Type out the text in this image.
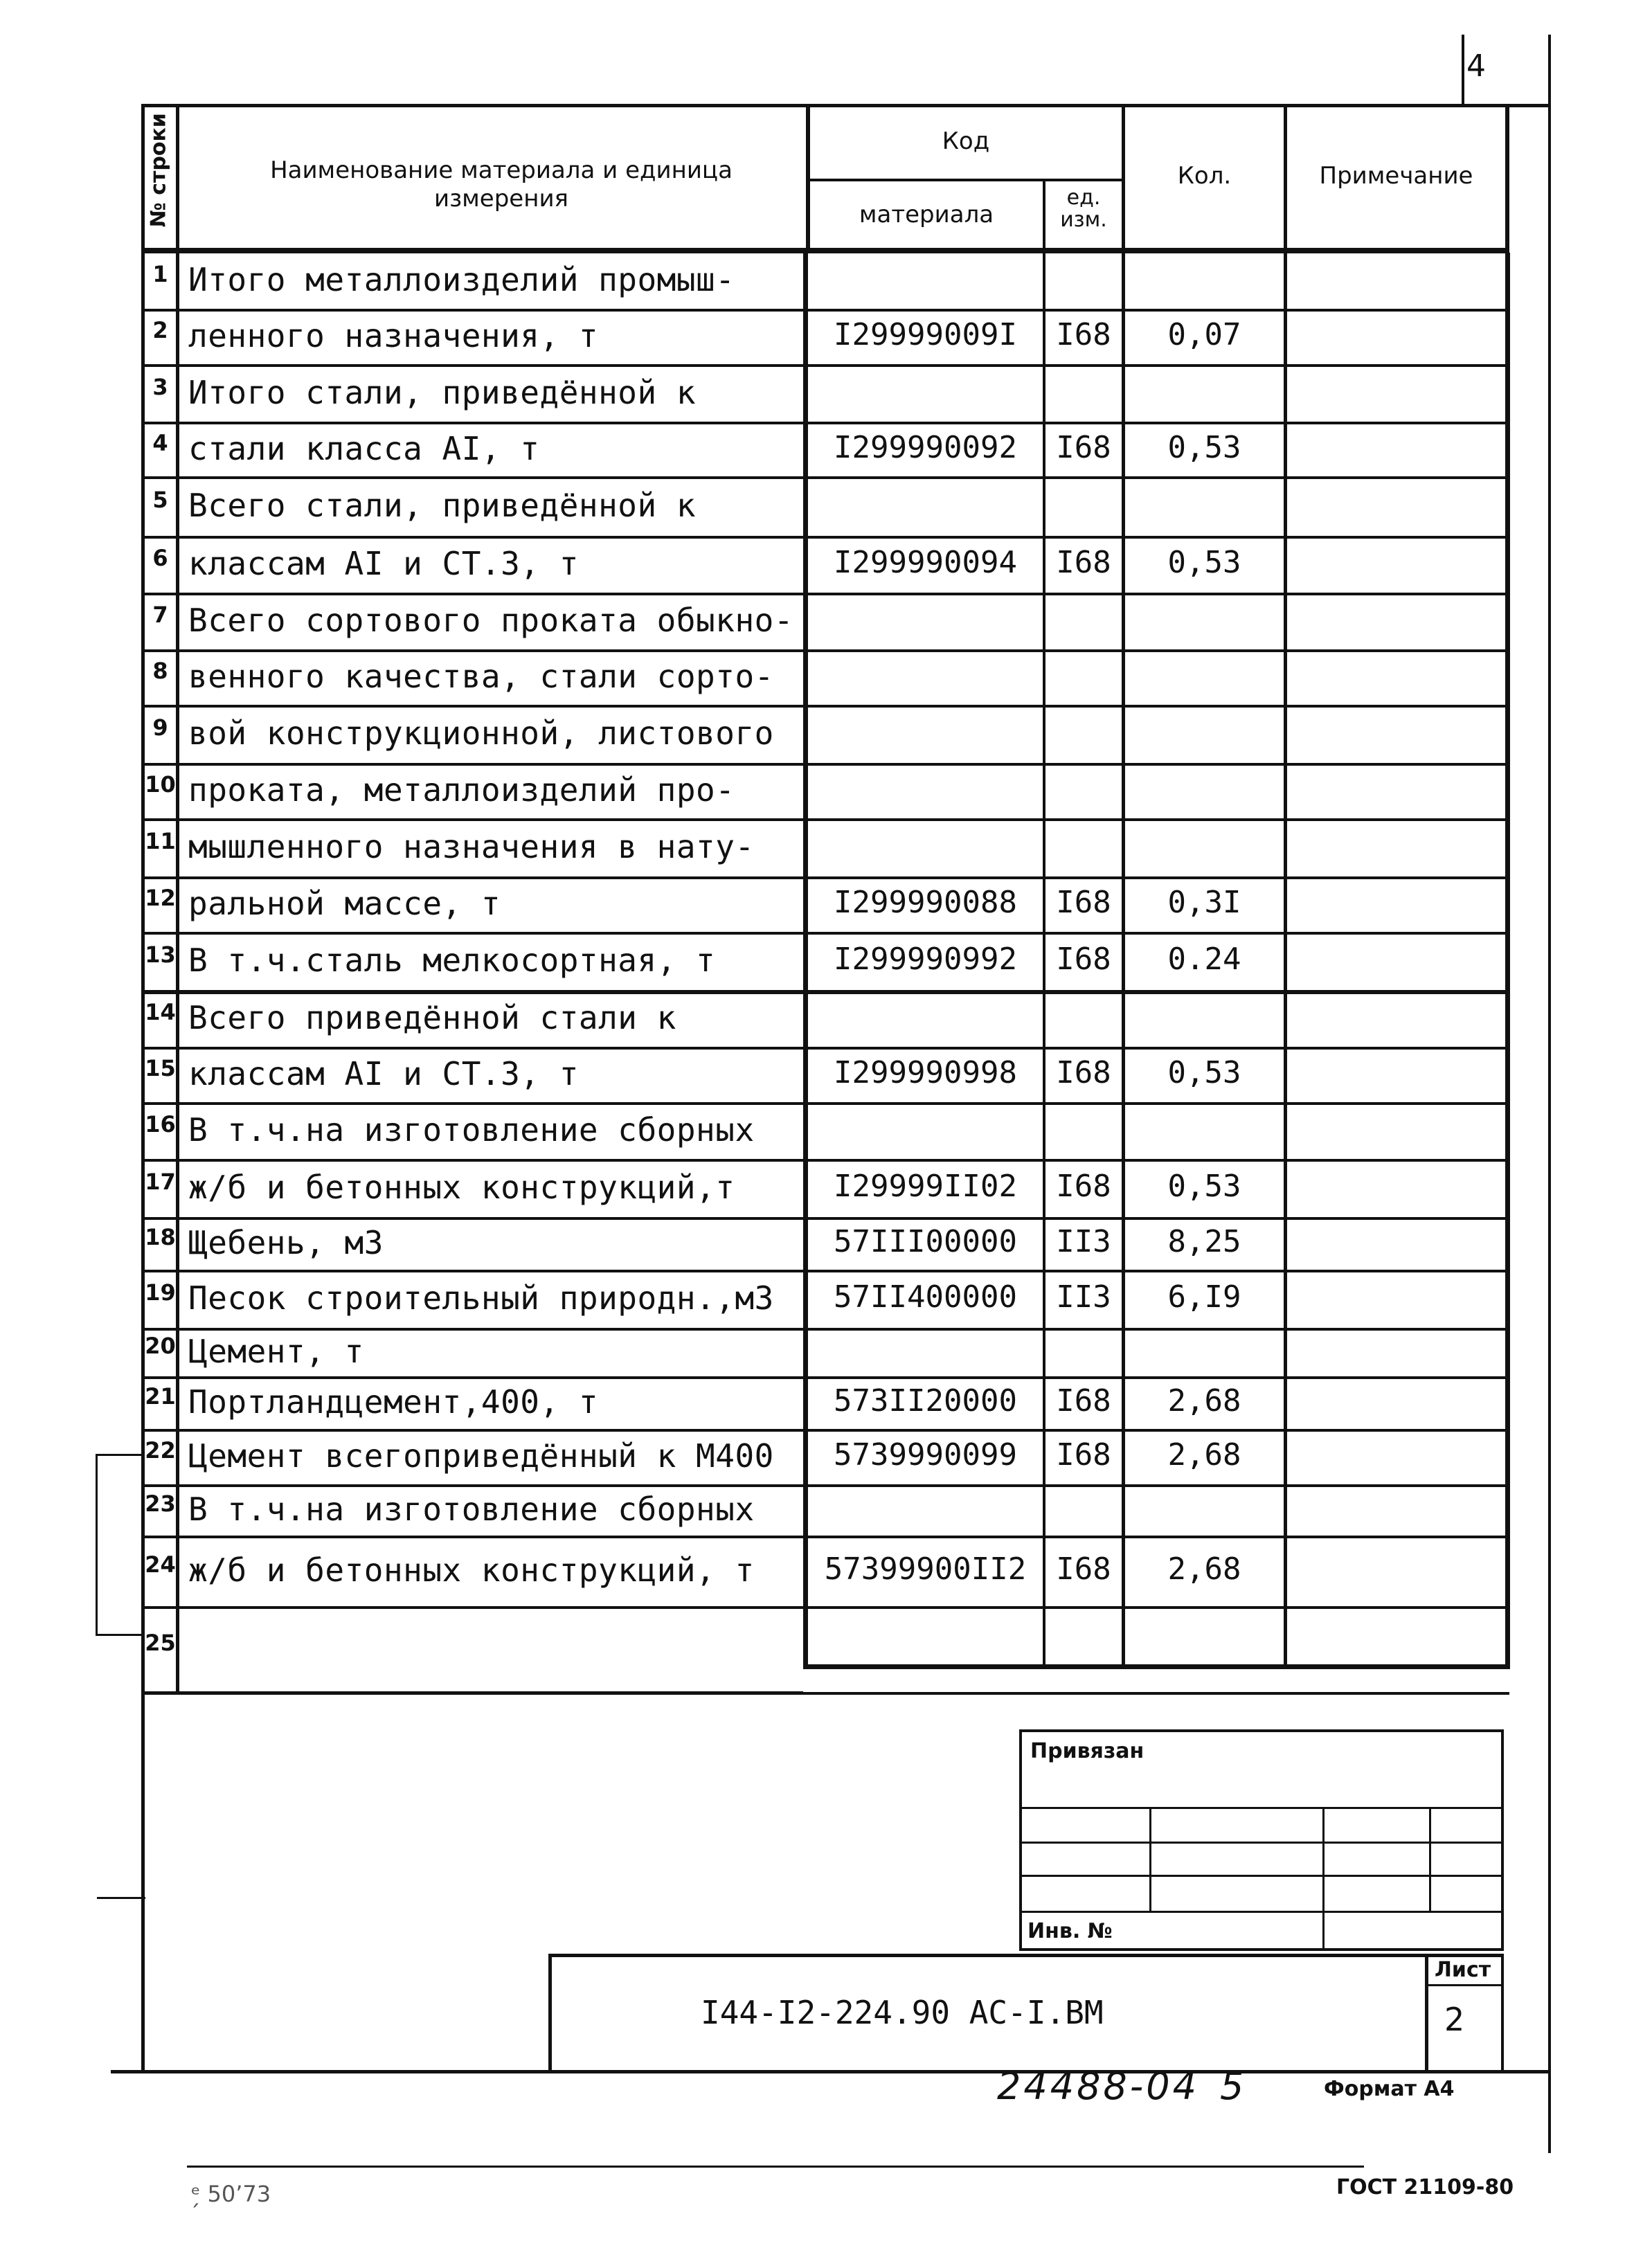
4
№ строки	Наименование материала и единица измерения
Код
материала
ед.
изм.
Кол.	Примечание
1 Итого металлоизделий промыш-
2 ленного назначения, т	I29999009I	I68	0,07
3 Итого стали, приведённой к
4 стали класса AI, т	I299990092	I68	0,53
5 Всего стали, приведённой к
6 классам AI и СТ.3, т	I299990094	I68	0,53
7 Всего сортового проката обыкно-
8 венного качества, стали сорто-
9 вой конструкционной, листового
10 проката, металлоизделий про-
11 мышленного назначения в нату-
12 ральной массе, т	I299990088	I68	0,3I
13 В т.ч.сталь мелкосортная, т	I299990992	I68	0.24
14 Всего приведённой стали к
15 классам AI и СТ.3, т	I299990998	I68	0,53
16 В т.ч.на изготовление сборных
17 ж/б и бетонных конструкций,т	I29999II02	I68	0,53
18 Щебень, м3	57III00000	II3	8,25
19 Песок строительный природн.,м3	57II400000	II3	6,I9
20 Цемент, т
21 Портландцемент,400, т	573II20000	I68	2,68
22 Цемент всегоприведённый к М400	5739990099	I68	2,68
23 В т.ч.на изготовление сборных
24 ж/б и бетонных конструкций, т	57399900II2 I68	2,68
25
Привязан
Инв. №
I44-I2-224.90 АС-I.ВМ
Лист
2
24488-04 5	Формат А4
ГОСТ 21109-80
ᵉ̗ 50ʼ73
